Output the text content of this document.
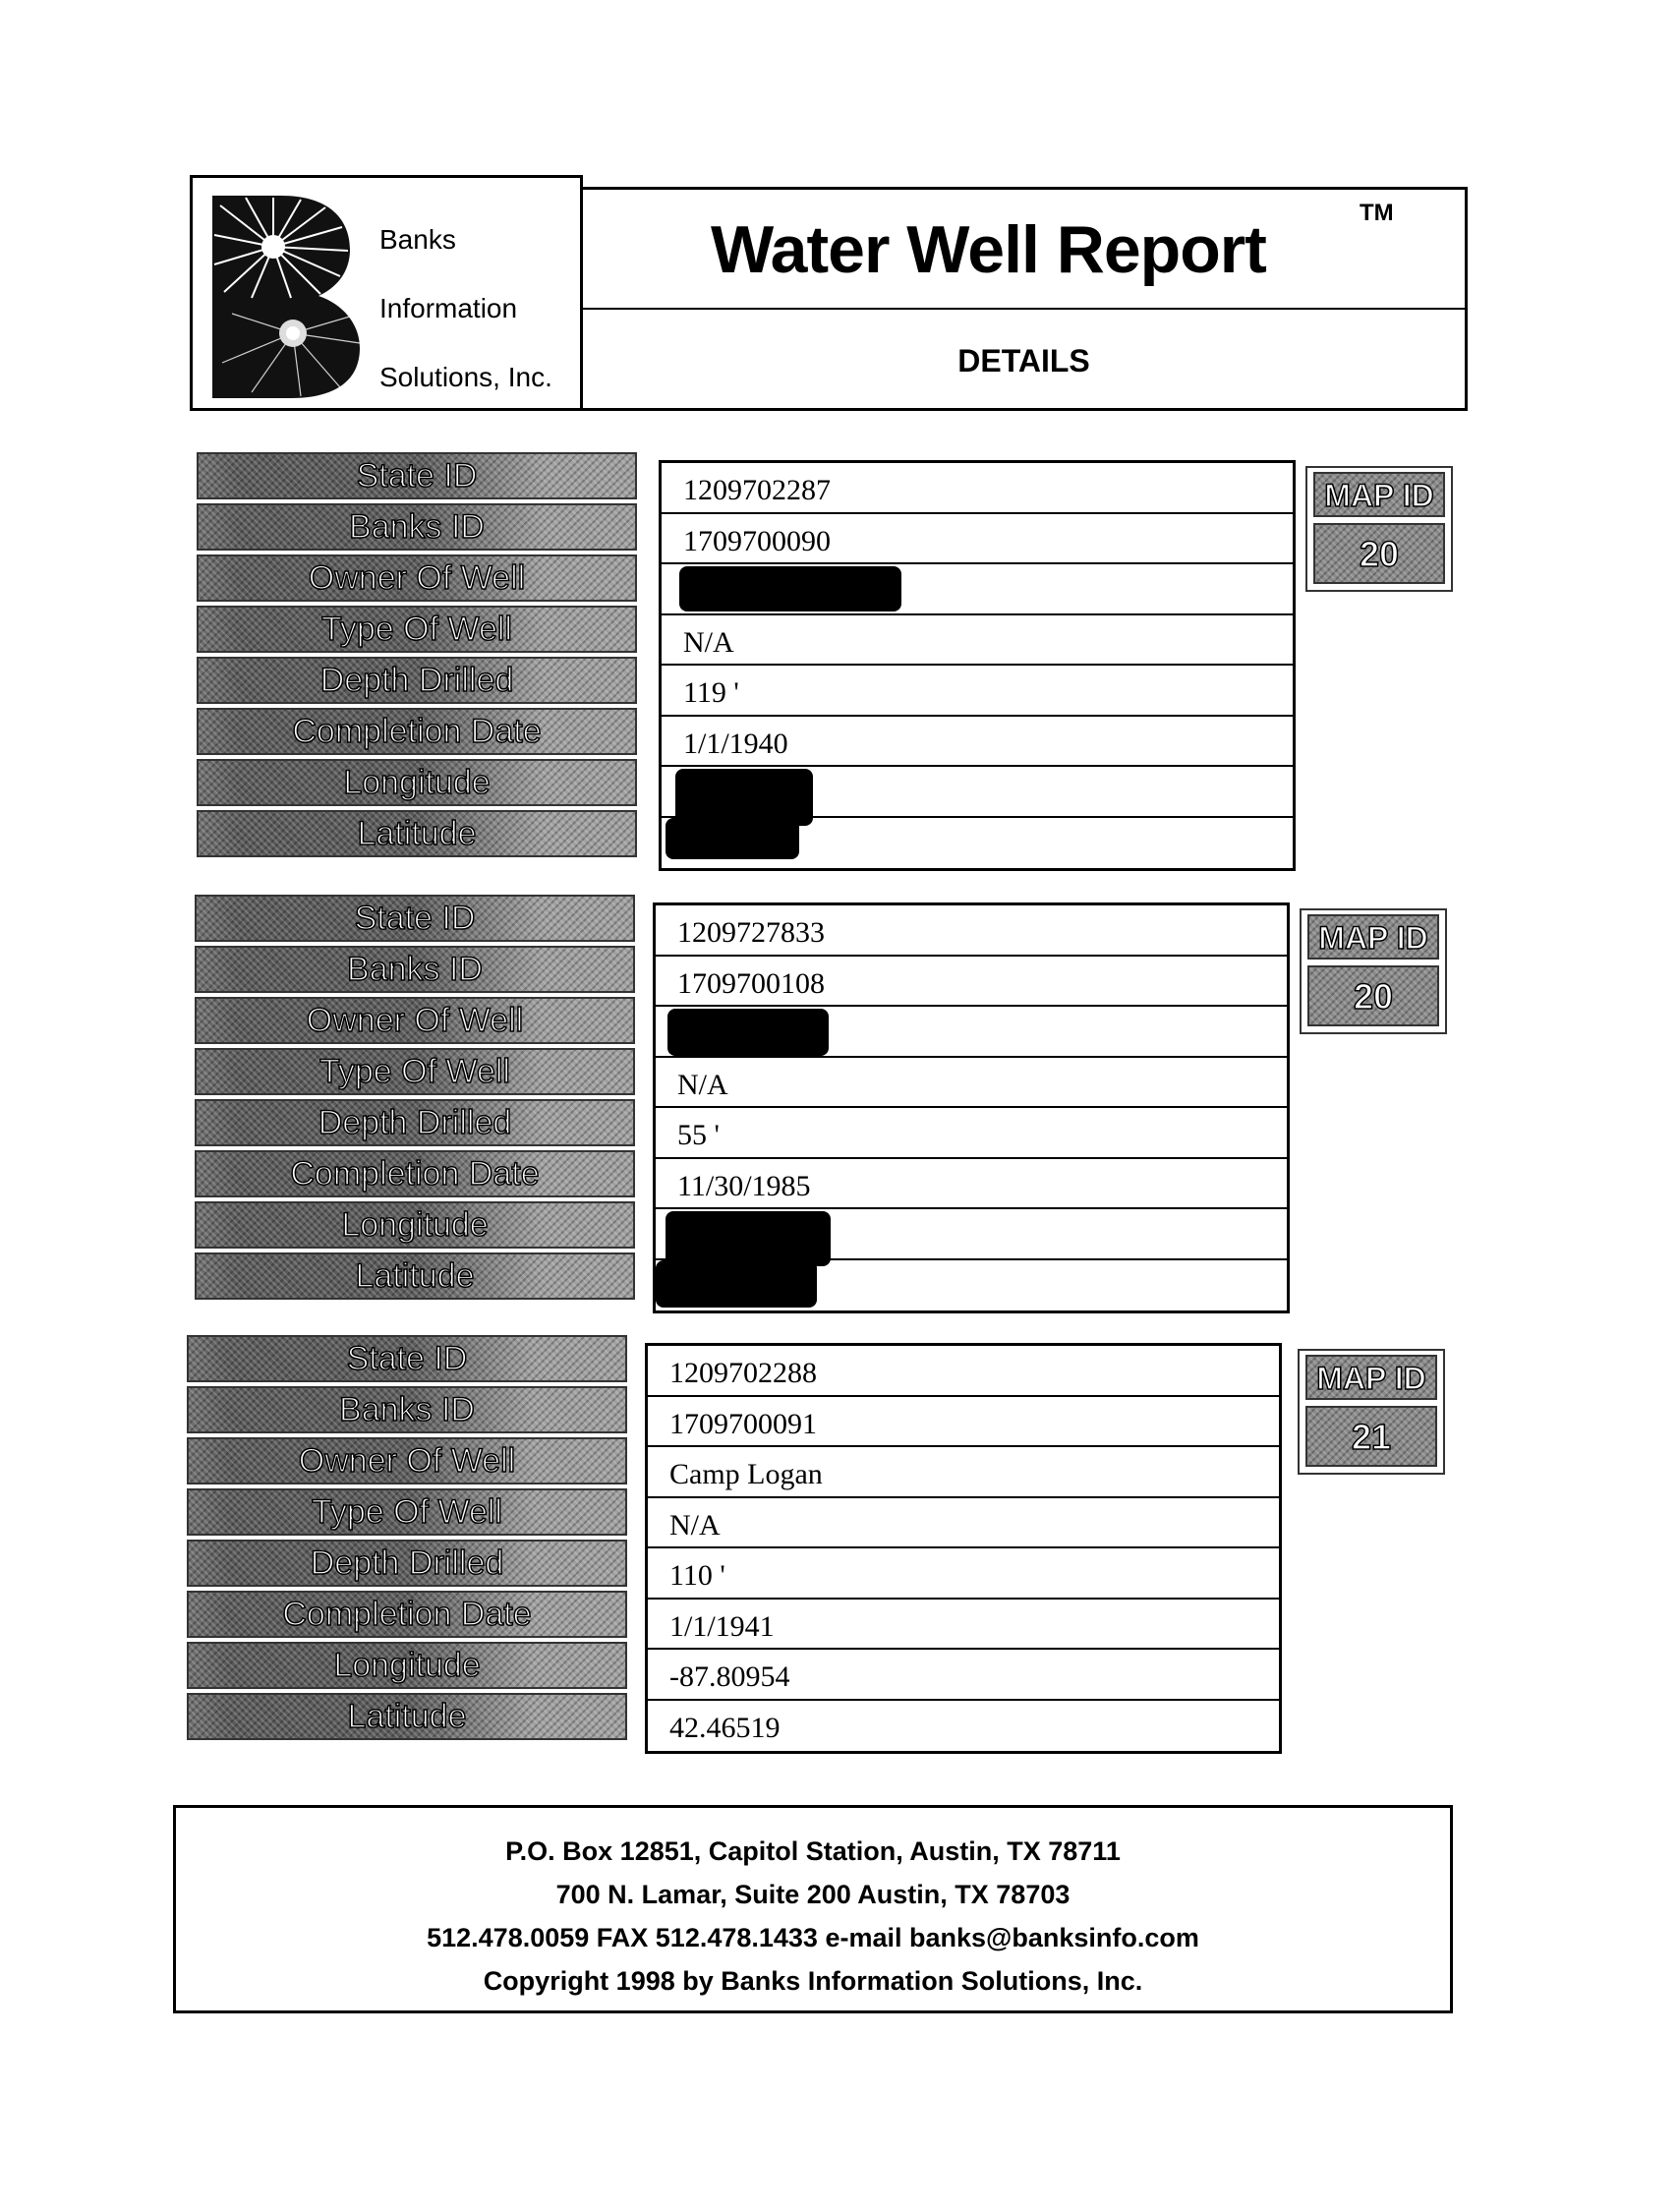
Banks
Information
Solutions, Inc.
Water Well Report	TM
DETAILS
State ID
Banks ID
Owner Of Well
Type Of Well
Depth Drilled
Completion Date
Longitude
Latitude
1209702287
1709700090
N/A
119 '
1/1/1940
MAP ID
20
State ID
Banks ID
Owner Of Well
Type Of Well
Depth Drilled
Completion Date
Longitude
Latitude
1209727833
1709700108
N/A
55 '
11/30/1985
MAP ID
20
State ID
Banks ID
Owner Of Well
Type Of Well
Depth Drilled
Completion Date
Longitude
Latitude
1209702288
1709700091
Camp Logan
N/A
110 '
1/1/1941
-87.80954
42.46519
MAP ID
21
P.O. Box 12851, Capitol Station, Austin, TX 78711
700 N. Lamar, Suite 200 Austin, TX 78703
512.478.0059 FAX 512.478.1433 e-mail banks@banksinfo.com
Copyright 1998 by Banks Information Solutions, Inc.
